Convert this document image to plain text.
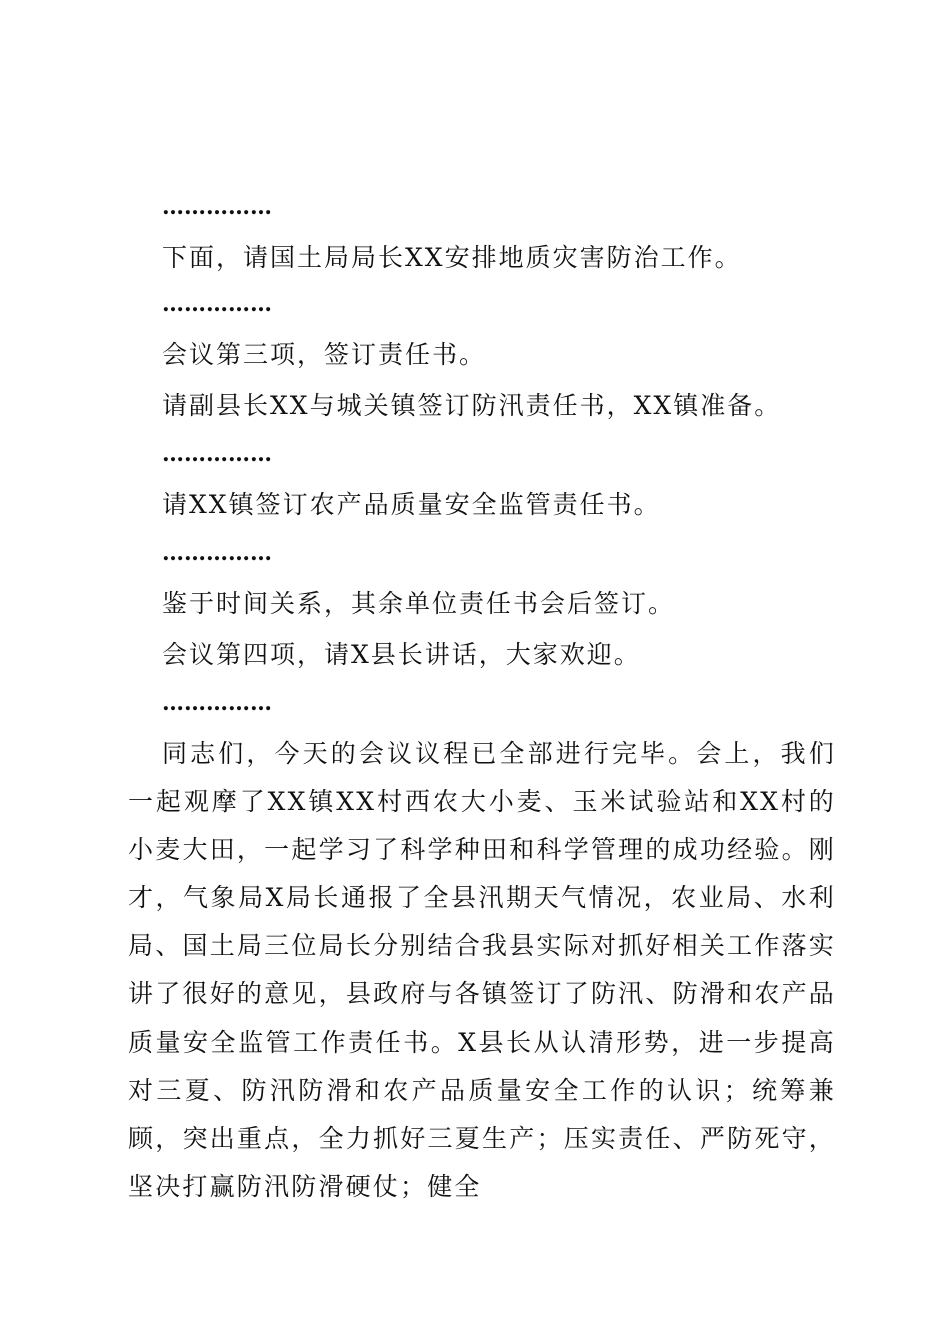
……………
下面，请国土局局长XX安排地质灾害防治工作。
……………
会议第三项，签订责任书。
请副县长XX与城关镇签订防汛责任书，XX镇准备。
……………
请XX镇签订农产品质量安全监管责任书。
……………
鉴于时间关系，其余单位责任书会后签订。
会议第四项，请X县长讲话，大家欢迎。
……………
同志们，今天的会议议程已全部进行完毕。会上，我们一起观摩了XX镇XX村西农大小麦、玉米试验站和XX村的小麦大田，一起学习了科学种田和科学管理的成功经验。刚才，气象局X局长通报了全县汛期天气情况，农业局、水利局、国土局三位局长分别结合我县实际对抓好相关工作落实讲了很好的意见，县政府与各镇签订了防汛、防滑和农产品质量安全监管工作责任书。X县长从认清形势，进一步提高对三夏、防汛防滑和农产品质量安全工作的认识；统筹兼顾，突出重点，全力抓好三夏生产；压实责任、严防死守，坚决打赢防汛防滑硬仗；健全
